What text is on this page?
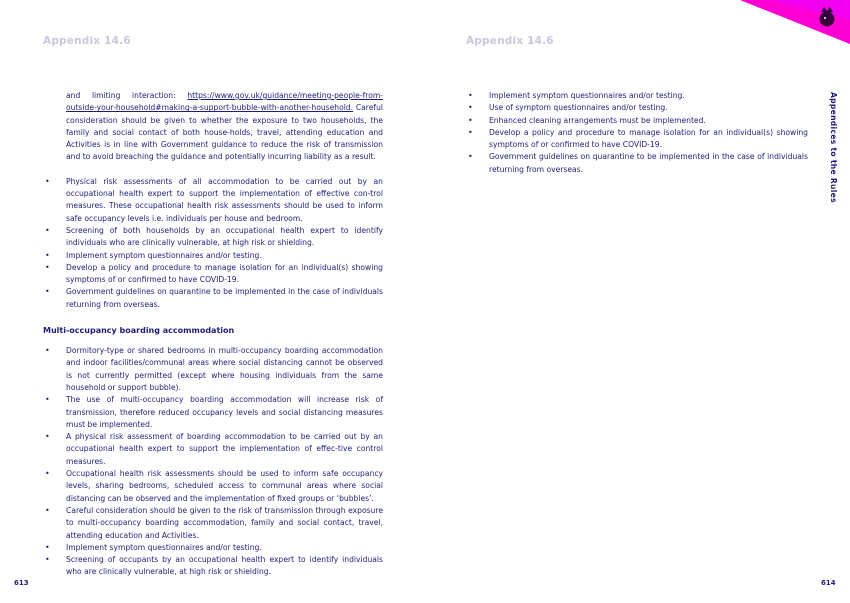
Appendix 14.6	Appendix 14.6
Appendices to the Rules

and limiting interaction: https://www.gov.uk/guidance/meeting-people-from-outside-your-household#making-a-support-bubble-with-another-household. Careful consideration should be given to whether the exposure to two households, the family and social contact of both house-holds, travel, attending education and Activities is in line with Government guidance to reduce the risk of transmission and to avoid breaching the guidance and potentially incurring liability as a result.

• Physical risk assessments of all accommodation to be carried out by an occupational health expert to support the implementation of effective con-trol measures. These occupational health risk assessments should be used to inform safe occupancy levels i.e. individuals per house and bedroom.
• Screening of both households by an occupational health expert to identify individuals who are clinically vulnerable, at high risk or shielding.
• Implement symptom questionnaires and/or testing.
• Develop a policy and procedure to manage isolation for an individual(s) showing symptoms of or confirmed to have COVID-19.
• Government guidelines on quarantine to be implemented in the case of individuals returning from overseas.
Multi-occupancy boarding accommodation
• Dormitory-type or shared bedrooms in multi-occupancy boarding accommodation and indoor facilities/communal areas where social distancing cannot be observed is not currently permitted (except where housing individuals from the same household or support bubble).
• The use of multi-occupancy boarding accommodation will increase risk of transmission, therefore reduced occupancy levels and social distancing measures must be implemented.
• A physical risk assessment of boarding accommodation to be carried out by an occupational health expert to support the implementation of effec-tive control measures.
• Occupational health risk assessments should be used to inform safe occupancy levels, sharing bedrooms, scheduled access to communal areas where social distancing can be observed and the implementation of fixed groups or ‘bubbles’.
• Careful consideration should be given to the risk of transmission through exposure to multi-occupancy boarding accommodation, family and social contact, travel, attending education and Activities.
• Implement symptom questionnaires and/or testing.
• Screening of occupants by an occupational health expert to identify individuals who are clinically vulnerable, at high risk or shielding.
• Implement symptom questionnaires and/or testing.
• Use of symptom questionnaires and/or testing.
• Enhanced cleaning arrangements must be implemented.
• Develop a policy and procedure to manage isolation for an individual(s) showing symptoms of or confirmed to have COVID-19.
• Government guidelines on quarantine to be implemented in the case of individuals returning from overseas.
613	614
